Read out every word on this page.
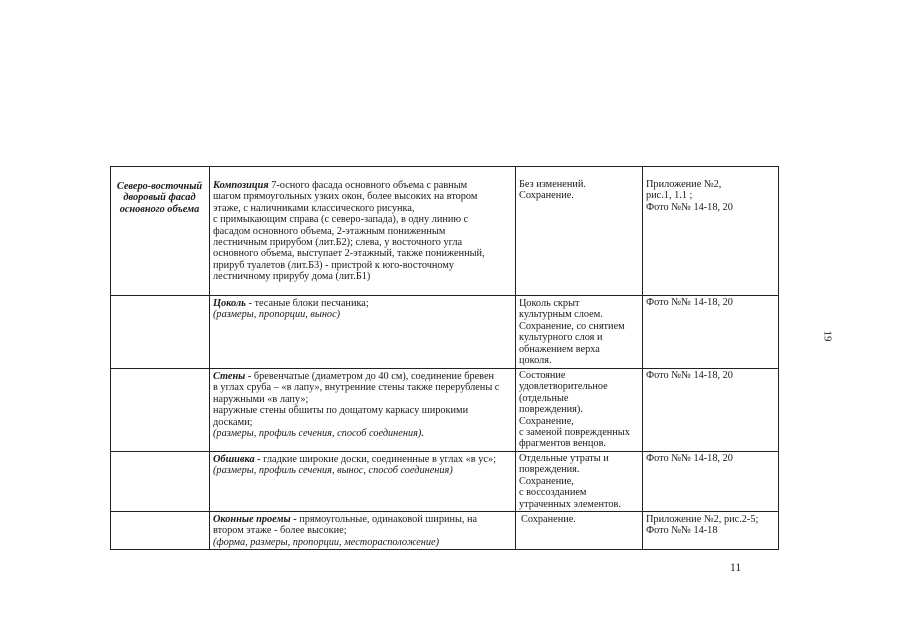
Северо-восточный
дворовый фасад
основного объема
Композиция 7-осного фасада основного объема с равным
шагом прямоугольных узких окон, более высоких на втором
этаже, с наличниками классического рисунка,
с примыкающим справа (с северо-запада), в одну линию с
фасадом основного объема, 2-этажным пониженным
лестничным прирубом (лит.Б2); слева, у восточного угла
основного объема, выступает 2-этажный, также пониженный,
прируб туалетов (лит.Б3) - пристрой к юго-восточному
лестничному прирубу дома (лит.Б1)
Без изменений.
Сохранение.
Приложение №2,
рис.1, 1.1 ;
Фото №№ 14-18, 20
Цоколь - тесаные блоки песчаника;
(размеры, пропорции, вынос)
Цоколь скрыт
культурным слоем.
Сохранение, со снятием
культурного слоя и
обнажением верха
цоколя.
Фото №№ 14-18, 20
Стены - бревенчатые (диаметром до 40 см), соединение бревен
в углах сруба – «в лапу», внутренние стены также перерублены с
наружными «в лапу»;
наружные стены обшиты по дощатому каркасу широкими
досками;
(размеры, профиль сечения, способ соединения).
Состояние
удовлетворительное
(отдельные
повреждения).
Сохранение,
с заменой поврежденных
фрагментов венцов.
Фото №№ 14-18, 20
Обшивка - гладкие широкие доски, соединенные в углах «в ус»;
(размеры, профиль сечения, вынос, способ соединения)
Отдельные утраты и
повреждения.
Сохранение,
с воссозданием
утраченных элементов.
Фото №№ 14-18, 20
Оконные проемы - прямоугольные, одинаковой ширины, на
втором этаже - более высокие;
(форма, размеры, пропорции, месторасположение)
Сохранение.	Приложение №2, рис.2-5;
Фото №№ 14-18
19
11
